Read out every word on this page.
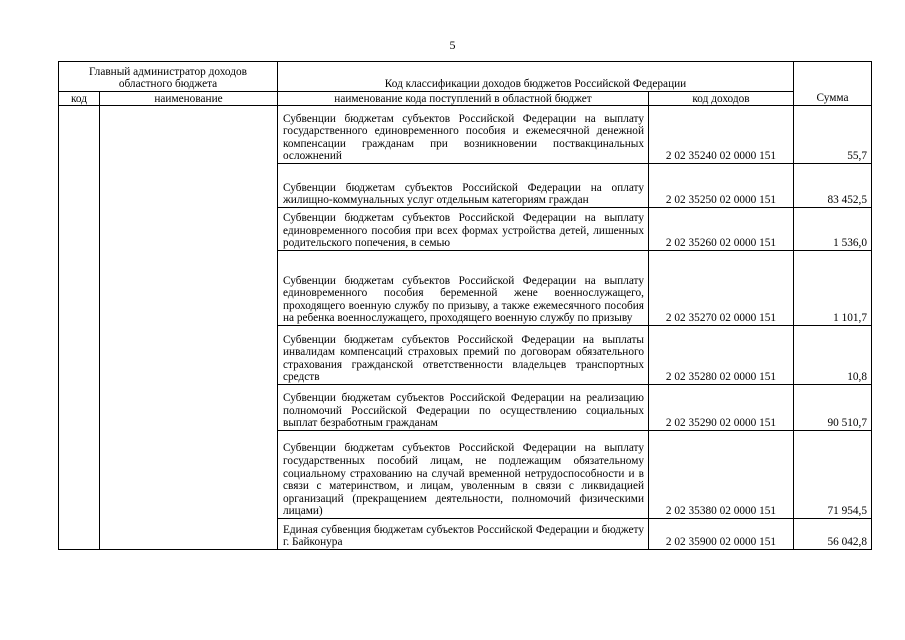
5
Главный администратор доходов областного бюджета		Код классификации доходов бюджетов Российской Федерации		Сумма
код	наименование	наименование кода поступлений в областной бюджет	код доходов	
		Субвенции бюджетам субъектов Российской Федерации на выплату государственного единовременного пособия и ежемесячной денежной компенсации гражданам при возникновении поствакцинальных осложнений	2 02 35240 02 0000 151	55,7
		Субвенции бюджетам субъектов Российской Федерации на оплату жилищно-коммунальных услуг отдельным категориям граждан	2 02 35250 02 0000 151	83 452,5
		Субвенции бюджетам субъектов Российской Федерации на выплату единовременного пособия при всех формах устройства детей, лишенных родительского попечения, в семью	2 02 35260 02 0000 151	1 536,0
		Субвенции бюджетам субъектов Российской Федерации на выплату единовременного пособия беременной жене военнослужащего, проходящего военную службу по призыву, а также ежемесячного пособия на ребенка военнослужащего, проходящего военную службу по призыву	2 02 35270 02 0000 151	1 101,7
		Субвенции бюджетам субъектов Российской Федерации на выплаты инвалидам компенсаций страховых премий по договорам обязательного страхования гражданской ответственности владельцев транспортных средств	2 02 35280 02 0000 151	10,8
		Субвенции бюджетам субъектов Российской Федерации на реализацию полномочий Российской Федерации по осуществлению социальных выплат безработным гражданам	2 02 35290 02 0000 151	90 510,7
		Субвенции бюджетам субъектов Российской Федерации на выплату государственных пособий лицам, не подлежащим обязательному социальному страхованию на случай временной нетрудоспособности и в связи с материнством, и лицам, уволенным в связи с ликвидацией организаций (прекращением деятельности, полномочий физическими лицами)	2 02 35380 02 0000 151	71 954,5
		Единая субвенция бюджетам субъектов Российской Федерации и бюджету г. Байконура	2 02 35900 02 0000 151	56 042,8
